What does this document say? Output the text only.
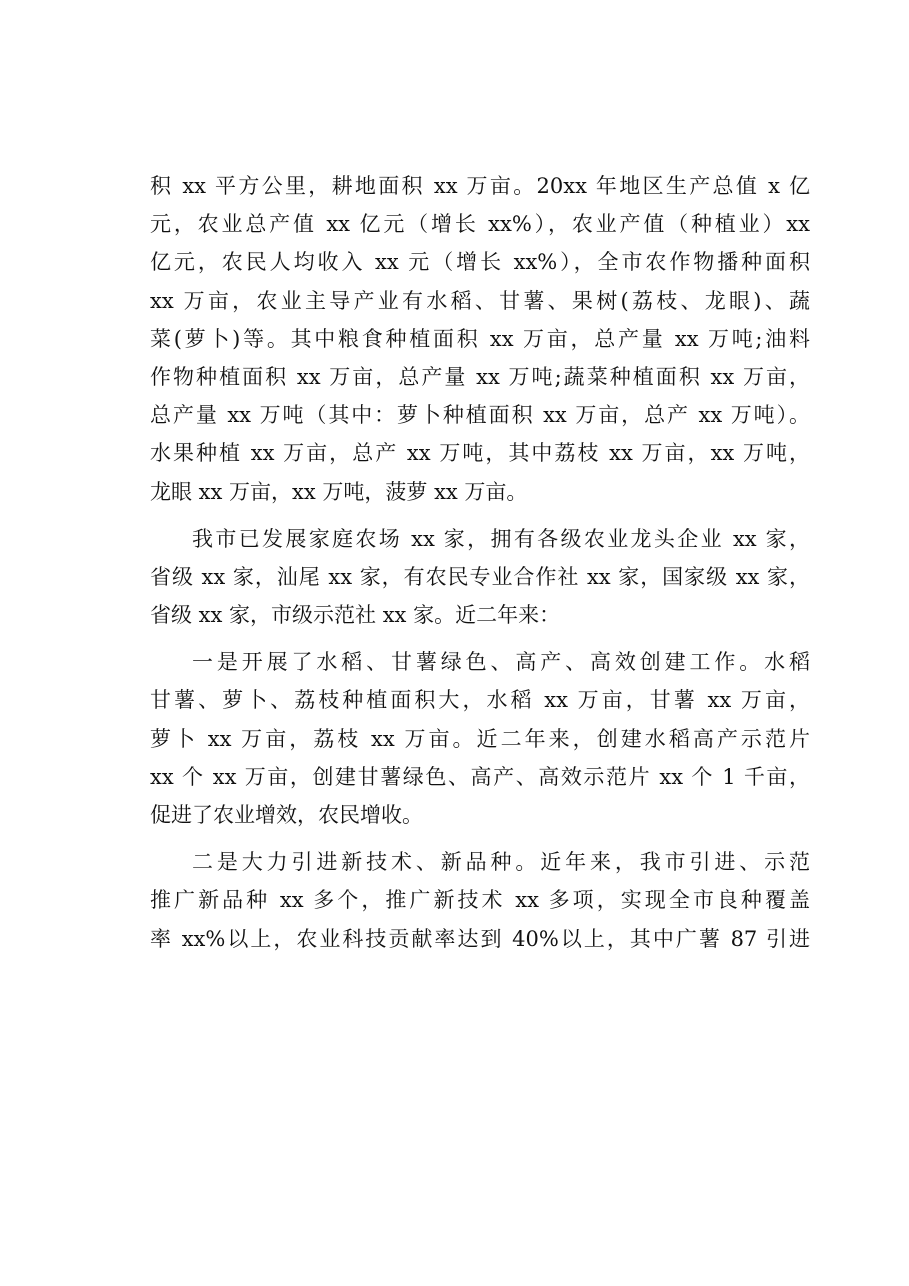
积 xx 平方公里，耕地面积 xx 万亩。20xx 年地区生产总值 x 亿
元，农业总产值 xx 亿元（增长 xx%），农业产值（种植业）xx
亿元，农民人均收入 xx 元（增长 xx%），全市农作物播种面积
xx 万亩，农业主导产业有水稻、甘薯、果树(荔枝、龙眼)、蔬
菜(萝卜)等。其中粮食种植面积 xx 万亩，总产量 xx 万吨;油料
作物种植面积 xx 万亩，总产量 xx 万吨;蔬菜种植面积 xx 万亩，
总产量 xx 万吨（其中：萝卜种植面积 xx 万亩，总产 xx 万吨）。
水果种植 xx 万亩，总产 xx 万吨，其中荔枝 xx 万亩，xx 万吨，
龙眼 xx 万亩，xx 万吨，菠萝 xx 万亩。
我市已发展家庭农场 xx 家，拥有各级农业龙头企业 xx 家，
省级 xx 家，汕尾 xx 家，有农民专业合作社 xx 家，国家级 xx 家，
省级 xx 家，市级示范社 xx 家。近二年来：
一是开展了水稻、甘薯绿色、高产、高效创建工作。水稻
甘薯、萝卜、荔枝种植面积大，水稻 xx 万亩，甘薯 xx 万亩，
萝卜 xx 万亩，荔枝 xx 万亩。近二年来，创建水稻高产示范片
xx 个 xx 万亩，创建甘薯绿色、高产、高效示范片 xx 个 1 千亩，
促进了农业增效，农民增收。
二是大力引进新技术、新品种。近年来，我市引进、示范
推广新品种 xx 多个，推广新技术 xx 多项，实现全市良种覆盖
率 xx%以上，农业科技贡献率达到 40%以上，其中广薯 87 引进
